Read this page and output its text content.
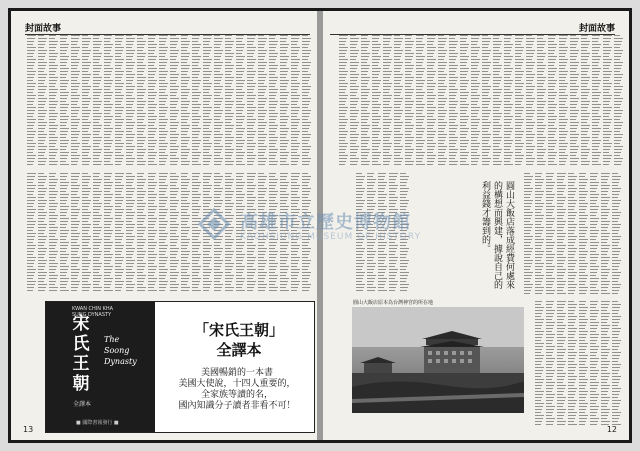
封面故事
KWAN CHIN KHA
SUNG DYNASTY
宋氏王朝
全譯本
The
Soong
Dynasty
■ 國際書報發行 ■
「宋氏王朝」
全譯本
美國暢銷的一本書
美國大使說，十四人重要的，
全家族等讀的名，
國內知識分子讀者非看不可！
13
封面故事
圓山大飯店落成經費何處來的構想而興建，據說自己的利益錢才籌到的。
圓山大飯店原本為台灣神宮的所在地
12
高雄市立歷史博物館
KAOHSIUNG MUSEUM OF HISTORY
